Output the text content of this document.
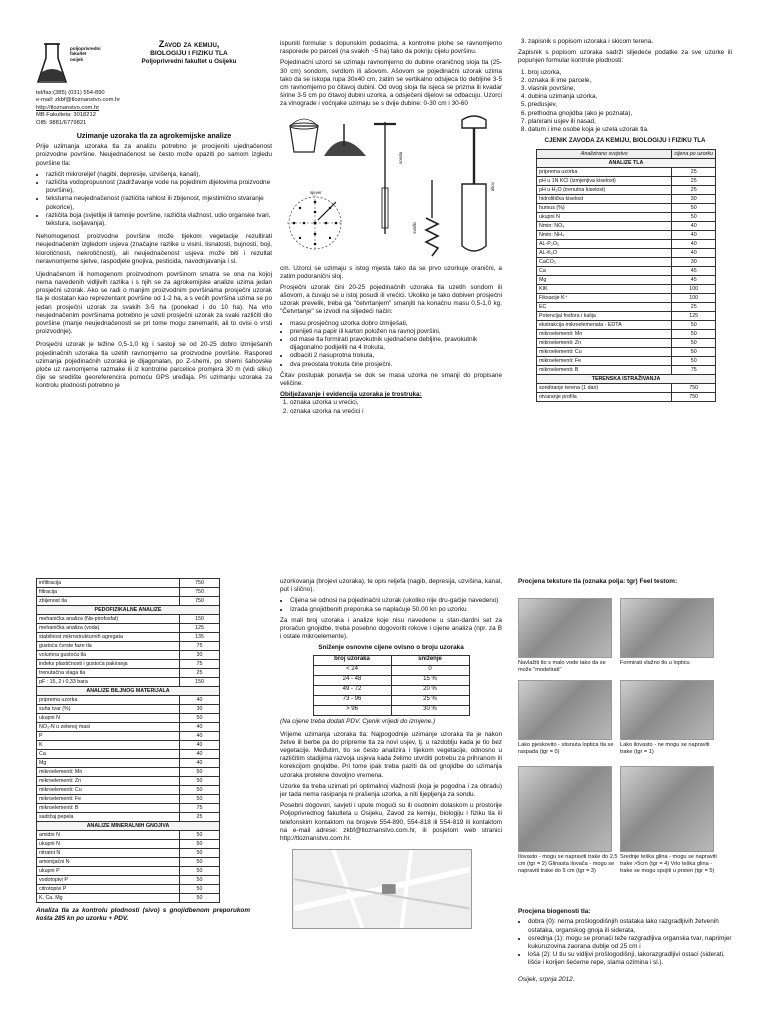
poljoprivredni fakultet osijek
Zavod za kemiju,
BIOLOGIJU I FIZIKU TLA
Poljoprivredni fakultet u Osijeku
tel/fax:(385) (031) 554-890
e-mail: zkbf@tloznanstvo.com.hr
http://tloznanstvo.com.hr
MB Fakulteta: 3018212
OIB: 9881/6779821
Uzimanje uzoraka tla za agrokemijske analize

Prije uzimanja uzoraka tla za analizu potrebno je procijeniti ujednačenost proizvodne površine. Neujednačenost se često može opaziti po samom izgledu površine tla:

• različit mikroreljef (nagibi, depresije, uzvišenja, kanali),
• različita vodopropusnost (zadržavanje vode na pojedinim dijelovima proizvodne površine),
• teksturna neujednačenost (različita rahlost ili zbijenost, mjestimično stvaranje pokorice),
• različita boja (svjetlije ili tamnije površine, različita vlažnost, udio organske tvari, tekstura, isoljavanja).

Nehomogenost proizvodne površine može tijekom vegetacije rezultirati neujednačenim izgledom usjeva (značajne razlike u visini, lisnatosti, bujnosti, boji, klorotičnosti, nekrotičnosti), ali neujednačenost usjeva može biti i rezultat neravnomjerne sjetve, raspodjele gnojiva, pesticida, navodnjavanja i sl.

Ujednačenom ili homogenom proizvodnom površinom smatra se ona na kojoj nema navedenih vidljivih razlika i s njih se za agrokemijske analize uzima jedan prosječni uzorak. Ako se radi o manjim proizvodnim površinama prosječni uzorak tla je dostatan kao reprezentant površine od 1-2 ha, a s većih površina uzima se po jedan prosječni uzorak za svakih 3-5 ha (ponekad i do 10 ha). Na vrlo neujednačenim površinama potrebno je uzeti prosječni uzorak za svaki različiti dio površine (manje neujednačenosti se pri tome mogu zanemariti, ali to ovisi o vrsti proizvodnje).

Prosječni uzorak je težine 0,5-1,0 kg i sastoji se od 20-25 dobro izmiješanih pojedinačnih uzoraka tla uzetih ravnomjerno sa proizvodne površine. Raspored uzimanja pojedinačnih uzoraka je dijagonalan, po Z-shemi, po shemi šahovske ploče uz ravnomjerne razmake ili iz kontrolne parcelice promjera 30 m (vidi sliku) čije se središte georeferencira pomoću GPS uređaja. Pri uzimanju uzoraka za kontrolu plodnosti potrebno je

ispuniti formular s dopunskim podacima, a kontrolne plohe se ravnomjerno rasporede po parceli (na svakih ~5 ha) tako da pokriju cijelu površinu.

Pojedinačni uzorci se uzimaju ravnomjerno do dubine oraničnog sloja tla (25-30 cm) sondom, svrdlom ili ašovom. Ašovom se pojedinačni uzorak uzima tako da se iskopa rupa 30x40 cm, zatim se vertikalno odsijeca tlo debljine 3-5 cm ravnomjerno po čitavoj dubini. Od ovog sloja tla isjeca se prizma ili kvadar širine 3-5 cm po čitavoj dubini uzorka, a odsječeni dijelovi se odbacuju. Uzorci za vinograde i voćnjake uzimaju se s dvije dubine: 0-30 cm i 30-60

sjever
sonda
ašov
svrdlo

cm. Uzorci se uzimaju s istog mjesta tako da se prvo uzorkuje oranični, a zatim podoranični sloj.

Prosječni uzorak čini 20-25 pojedinačnih uzoraka tla uzetih sondom ili ašovom, a čuvaju se u istoj posudi ili vrećici. Ukoliko je tako dobiven prosječni uzorak prevelik, treba ga "četvrtanjem" smanjiti na konačnu masu 0,5-1,0 kg. "Četvrtanje" se izvodi na slijedeći način:

• masu prosječnog uzorka dobro izmiješati,
• prenijeti na papir ili karton položen na ravnoj površini,
• od mase tla formirati pravokutnik ujednačene debljine, pravokutnik dijagonalno podijeliti na 4 trokuta,
• odbaciti 2 nasuprotna trokuta,
• dva preostala trokuta čine prosječni.

Čitav postupak ponavlja se dok se masa uzorka ne smanji do propisane veličine.

Obilježavanje i evidencija uzoraka je trostruka:
1. oznaka uzorka u vrećici,
2. oznaka uzorka na vrećici i
3. zapisnik s popisom uzoraka i skicom terena.

Zapisnik s popisom uzoraka sadrži slijedeće podatke za sve uzorke ili popunjen formular kontrole plodnosti:

1. broj uzorka,
2. oznaka ili ime parcele,
3. vlasnik površine,
4. dubina uzimanja uzorka,
5. predusjev,
6. prethodna gnojidba (ako je poznata),
7. planirani usjev ili nasad,
8. datum i ime osobe koja je uzela uzorak tla.
CJENIK ZAVODA ZA KEMIJU, BIOLOGIJU I FIZIKU TLA
Analizirano svojstvo	cijena po uzorku
ANALIZE TLA	
priprema uzorka	25
pH u 1N KCl (izmjenjiva kiselost)	25
pH u H₂O (trenutna kiselost)	25
hidrolitička kiselost	30
humus (%)	50
ukupni N	50
Nmin: NO₃	40
Nmin: NH₄	40
AL-P₂O₅	40
AL-K₂O	40
CaCO₃	30
Ca	45
Mg	45
KIK	100
Fiksacije K⁺	100
EC	25
Potencijal fosfora i kalija	125
ekstrakcija mikroelemenata - EDTA	50
mikroelementi: Mn	50
mikroelementi: Zn	50
mikroelementi: Cu	50
mikroelementi: Fe	50
mikroelementi: B	75
TERENSKA ISTRAŽIVANJA	
sondiranje terena (1 dan)	750
otvaranje profila	750
infiltracija	750
filtracija	750
zbijenost tla	750
PEDOFIZIKALNE ANALIZE	
mehanička analiza (Na-pirofosfat)	150
mehanička analiza (voda)	125
stabilnost mikrostrukturnih agregata	135
gustoća čvrste faze tla	75
volumna gustoća tla	30
indeks plastičnosti i gustoća pakiranja	75
trenutačna vlaga tla	25
pF : 15, 2 i 0,33 bara	150
ANALIZE BILJNOG MATERIJALA	
priprema uzorka	40
suha tvar (%)	30
ukupni N	50
NO₃-N u zelenoj masi	40
P	40
K	40
Ca	40
Mg	40
mikroelementi: Mn	50
mikroelementi: Zn	50
mikroelementi: Cu	50
mikroelementi: Fe	50
mikroelementi: B	75
sadržaj pepela	25
ANALIZE MINERALNIH GNOJIVA	
amidni N	50
ukupni N	50
nitratni N	50
amonijačni N	50
ukupni P	50
vodotopivi P	50
citrotopivi P	50
K, Ca, Mg	50

Analiza tla za kontrolu plodnosti (sivo) s gnojidbenom preporukom košta 285 kn po uzorku + PDV.

uzorkovanja (brojevi uzoraka), te opis reljefa (nagib, depresija, uzvišina, kanal, put i slično).

• Cijena se odnosi na pojedinačni uzorak (ukoliko nije dru-gačije navedeno)
• Izrada gnojidbenih preporuka se naplaćuje 50.00 kn po uzorku

Za mali broj uzoraka i analize koje nisu navedene u stan-dardni set za proračun gnojidbe, treba posebno dogovoriti rokove i cijene analiza (npr. za B i ostale mikroelemente).

Sniženje osnovne cijene ovisno o broju uzoraka
broj uzoraka	sniženje
< 24	0
24 - 48	15 %
49 - 72	20 %
73 - 96	25 %
> 96	30 %
(Na cijene treba dodati PDV. Cjenik vrijedi do izmjene.)

Vrijeme uzimanja uzoraka tla: Najpogodnije uzimanje uzoraka tla je nakon žetve ili berbe pa do pripreme tla za novi usjev, tj. u razdoblju kada je tlo bez vegetacije. Međutim, tlo se često analizira i tijekom vegetacije, odnosno u različitim stadijima razvoja usjeva kada želimo utvrditi potrebu za prihranom ili korekcijom gnojidbe. Pri tome ipak treba paziti da od gnojidbe do uzimanja uzoraka protekne dovoljno vremena.

Uzorke tla treba uzimati pri optimalnoj vlažnosti (koja je pogodna i za obradu) jer tada nema rasipanja ni prašenja uzorka, a niti lijepljenja za sondu.

Posebni dogovori, savjeti i upute mogući su ili osobnim dolaskom u prostorije Poljoprivrednog fakulteta u Osijeku, Zavod za kemiju, biologiju i fiziku tla ili telefonskim kontaktom na brojeve 554-890, 554-818 ili 554-819 ili kontaktom na e-mail adrese: zkbf@tloznanstvo.com.hr, ili posjetom web stranici http://tloznanstvo.com.hr.

Procjena teksture tla (oznaka polja: tgr) Feel testom:
Navlažiti tlo s malo vode tako da se može "modelirati"
Formirati vlažno tlo u lopticu
Lako pjeskovito - stisnuta loptica tla se raspada (tgr = 0)
Lako ilovasto - ne mogu se napraviti trake (tgr = 1)
Ilovasto - mogu se napraviti trake do 2,5 cm (tgr = 2) Glinasta ilovača - mogu se napraviti trake do 5 cm (tgr = 3)
Srednje teška glina - mogu se napraviti trake >5cm (tgr = 4) Vrlo teška glina - trake se mogu spojiti u prsten (tgr = 5)
Procjena biogenosti tla:
• dobra (0): nema prošlogodišnjih ostataka lako razgradljivih žetvenih ostataka, organskog gnoja ili siderata,
• osrednja (1): mogu se pronaći teže razgradljiva organska tvar, naprimjer kukuruzovina zaorana dublje od 25 cm i
• loša (2): U tlu su vidljivi prošlogodišnji, lakorazgradljivi ostaci (siderati, lišće i korijen šećerne repe, slama ozimina i sl.).
Osijek, srpnja 2012.
